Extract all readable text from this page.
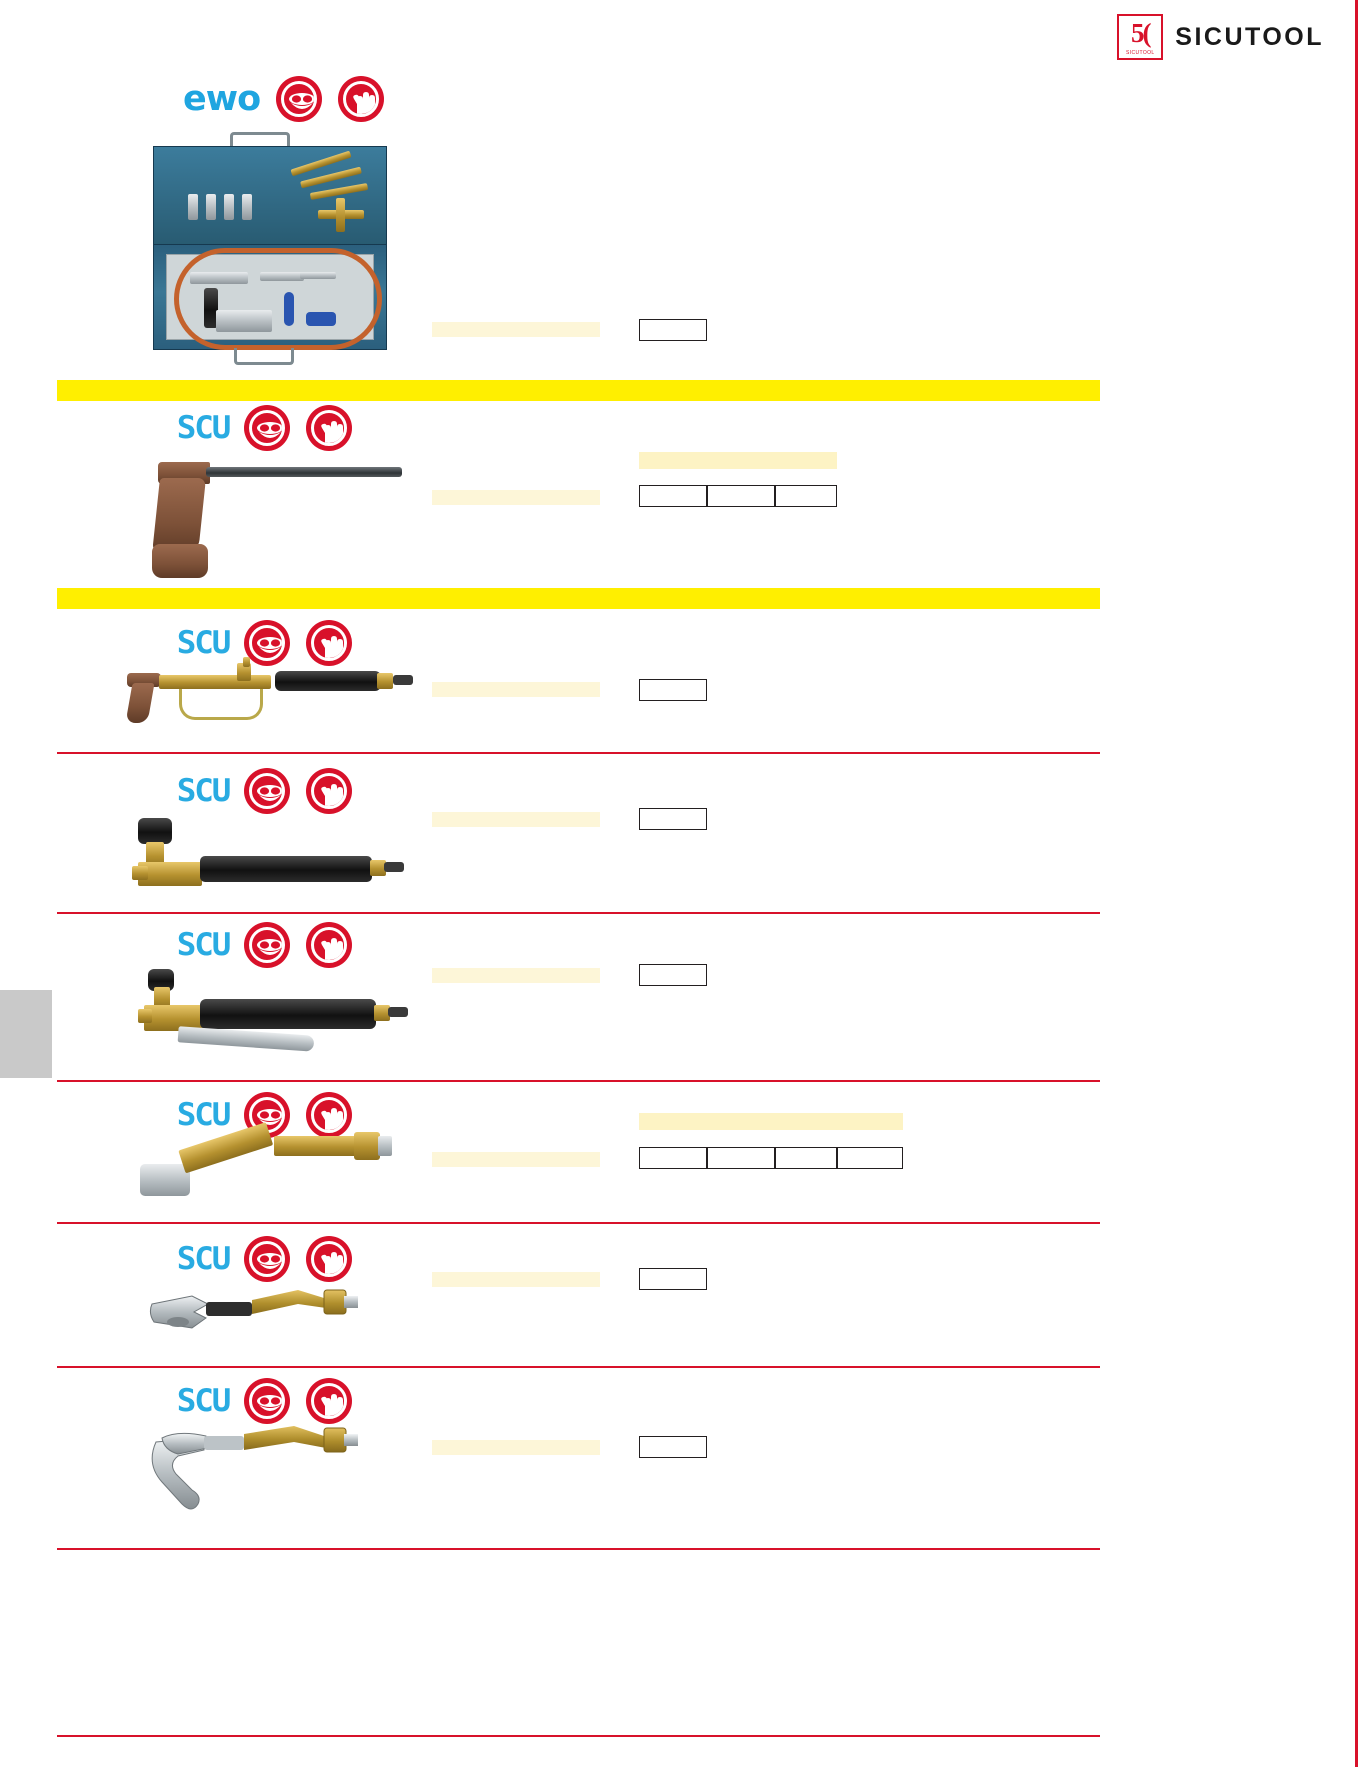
5(
SICUTOOL
SICUTOOL
ewo
SCU
SCU
SCU
SCU
SCU
SCU
SCU
